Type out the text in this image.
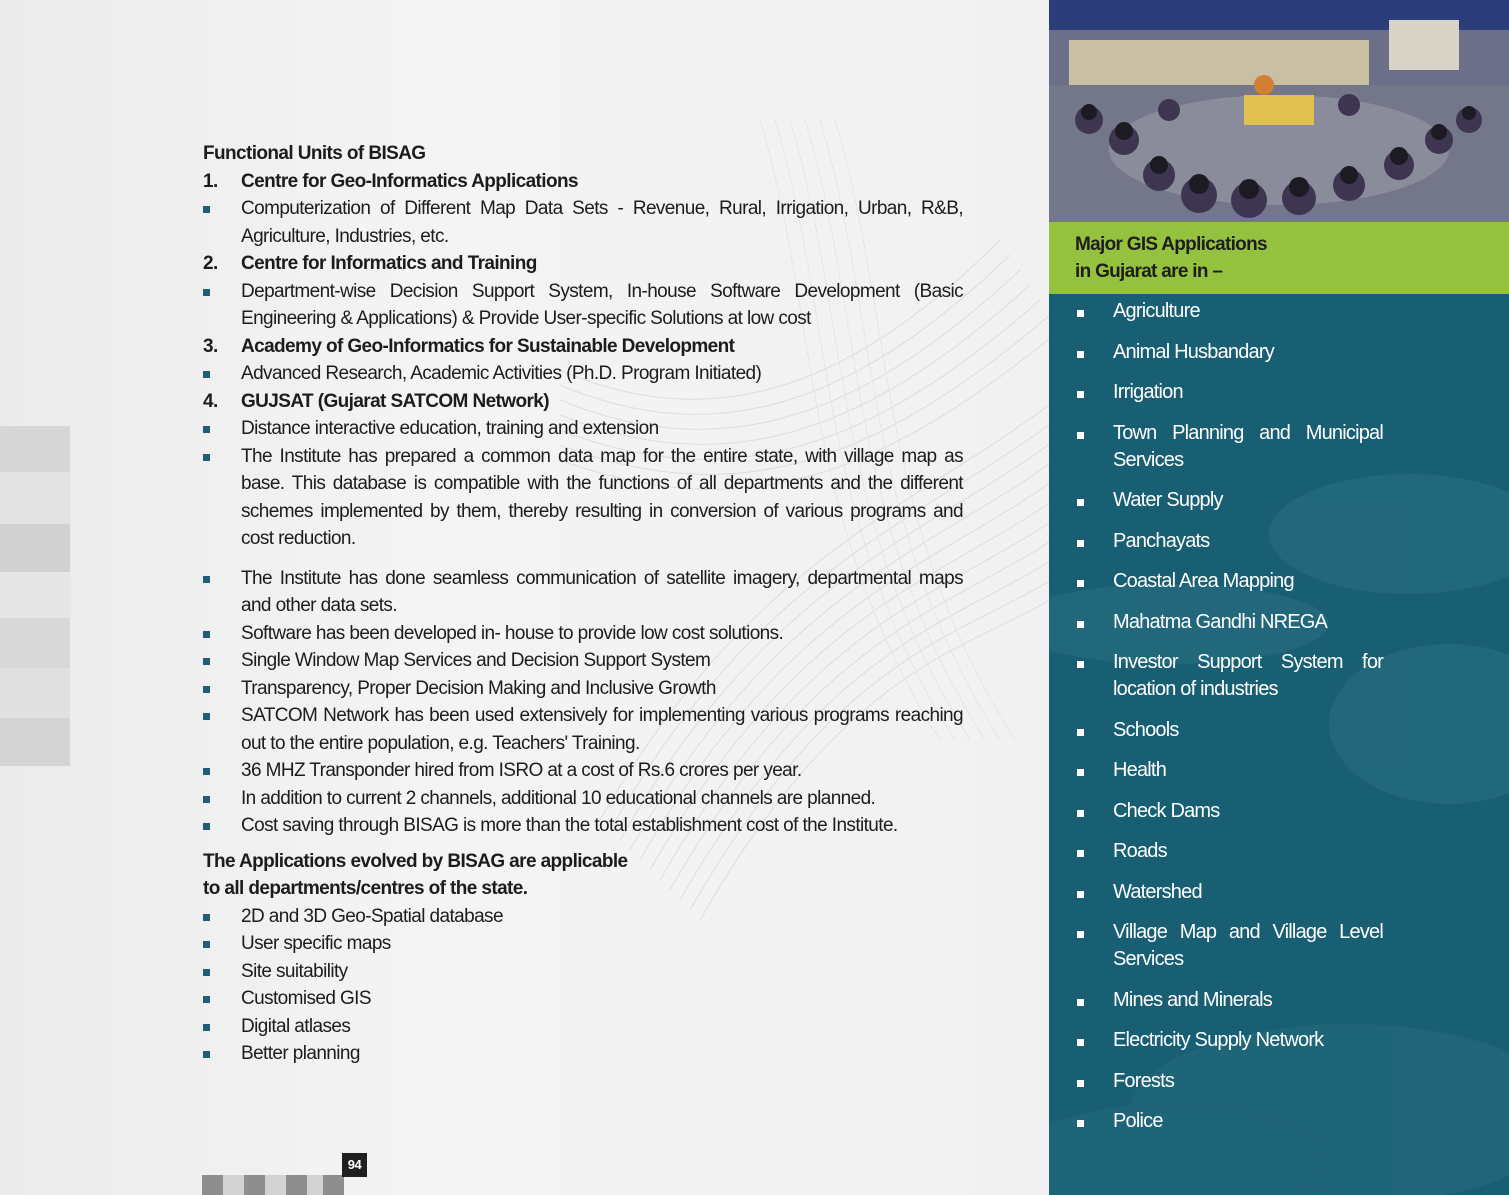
Functional Units of BISAG

1.	Centre for Geo-Informatics Applications
Computerization of Different Map Data Sets - Revenue, Rural, Irrigation, Urban, R&B, Agriculture, Industries, etc.
2.	Centre for Informatics and Training
Department-wise Decision Support System, In-house Software Development (Basic Engineering & Applications) & Provide User-specific Solutions at low cost
3.	Academy of Geo-Informatics for Sustainable Development
Advanced Research, Academic Activities (Ph.D. Program Initiated)
4.	GUJSAT (Gujarat SATCOM Network)
Distance interactive education, training and extension
The Institute has prepared a common data map for the entire state, with village map as base. This database is compatible with the functions of all departments and the different schemes implemented by them, thereby resulting in conversion of various programs and cost reduction.
The Institute has done seamless communication of satellite imagery, departmental maps and other data sets.
Software has been developed in- house to provide low cost solutions.
Single Window Map Services and Decision Support System
Transparency, Proper Decision Making and Inclusive Growth
SATCOM Network has been used extensively for implementing various programs reaching out to the entire population, e.g. Teachers' Training.
36 MHZ Transponder hired from ISRO at a cost of Rs.6 crores per year.
In addition to current 2 channels, additional 10 educational channels are planned.
Cost saving through BISAG is more than the total establishment cost of the Institute.

The Applications evolved by BISAG are applicable
to all departments/centres of the state.

2D and 3D Geo-Spatial database
User specific maps
Site suitability
Customised GIS
Digital atlases
Better planning
94
Major GIS Applications
in Gujarat are in –
Agriculture
Animal Husbandary
Irrigation
Town Planning and Municipal Services
Water Supply
Panchayats
Coastal Area Mapping
Mahatma Gandhi NREGA
Investor Support System for location of industries
Schools
Health
Check Dams
Roads
Watershed
Village Map and Village Level Services
Mines and Minerals
Electricity Supply Network
Forests
Police
